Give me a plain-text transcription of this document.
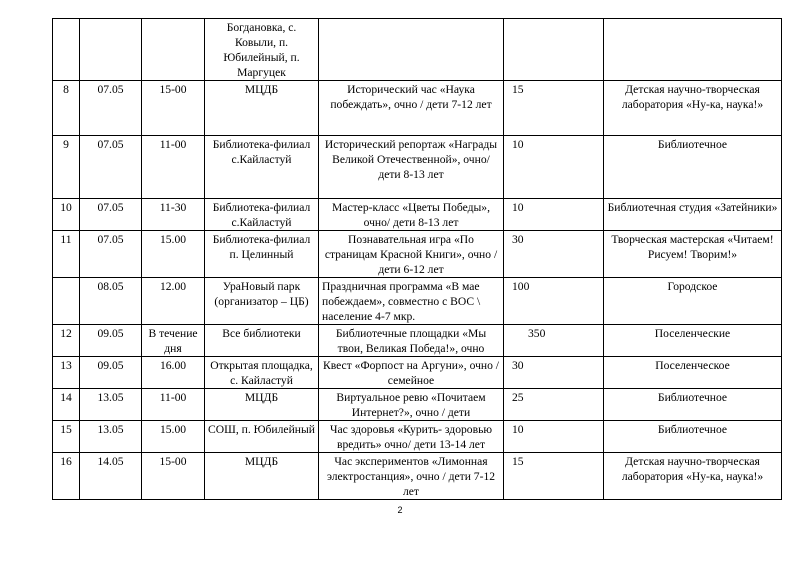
			Богдановка, с. Ковыли, п. Юбилейный, п. Маргуцек			
8	07.05	15-00	МЦДБ	Исторический час «Наука побеждать», очно / дети 7-12 лет	15	Детская научно-творческая лаборатория «Ну-ка, наука!»
9	07.05	11-00	Библиотека-филиал с.Кайластуй	Исторический репортаж «Награды Великой Отечественной», очно/ дети 8-13 лет	10	Библиотечное
10	07.05	11-30	Библиотека-филиал с.Кайластуй	Мастер-класс «Цветы Победы», очно/ дети 8-13 лет	10	Библиотечная студия «Затейники»
11	07.05	15.00	Библиотека-филиал п. Целинный	Познавательная игра «По страницам Красной Книги», очно / дети 6-12 лет	30	Творческая мастерская «Читаем! Рисуем! Творим!»
	08.05	12.00	УраНовый парк (организатор – ЦБ)	Праздничная программа «В мае побеждаем», совместно с ВОС \ население 4-7 мкр.	100	Городское
12	09.05	В течение дня	Все библиотеки	Библиотечные площадки «Мы твои, Великая Победа!», очно	350	Поселенческие
13	09.05	16.00	Открытая площадка, с. Кайластуй	Квест «Форпост на Аргуни», очно / семейное	30	Поселенческое
14	13.05	11-00	МЦДБ	Виртуальное ревю «Почитаем Интернет?», очно / дети	25	Библиотечное
15	13.05	15.00	СОШ, п. Юбилейный	Час здоровья «Курить- здоровью вредить» очно/ дети 13-14 лет	10	Библиотечное
16	14.05	15-00	МЦДБ	Час экспериментов «Лимонная электростанция», очно / дети 7-12 лет	15	Детская научно-творческая лаборатория «Ну-ка, наука!»
2
